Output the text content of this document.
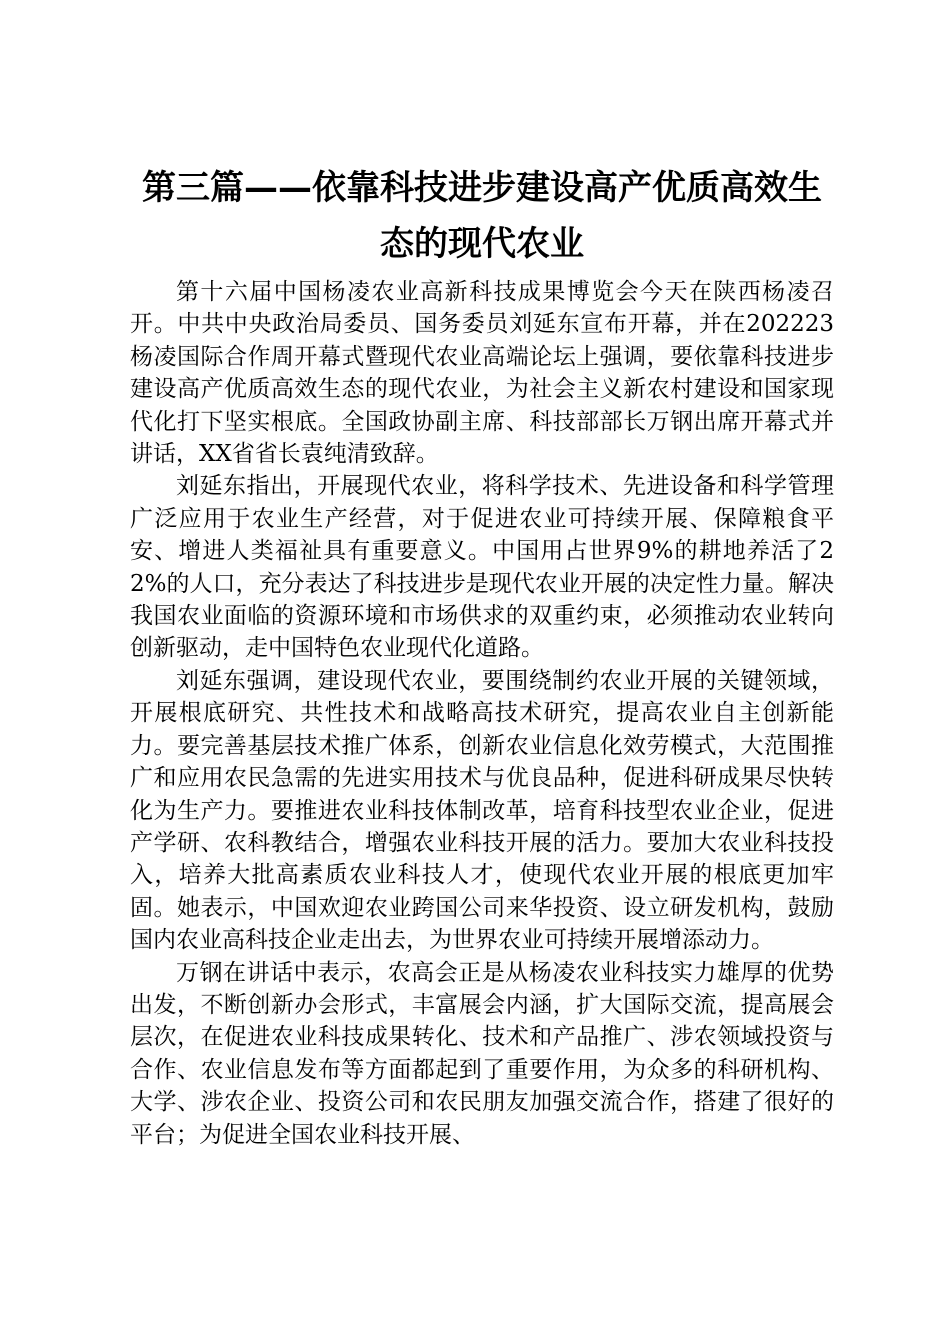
第三篇——依靠科技进步建设高产优质高效生
态的现代农业

第十六届中国杨凌农业高新科技成果博览会今天在陕西杨凌召开。中共中央政治局委员、国务委员刘延东宣布开幕，并在202223杨凌国际合作周开幕式暨现代农业高端论坛上强调，要依靠科技进步建设高产优质高效生态的现代农业，为社会主义新农村建设和国家现代化打下坚实根底。全国政协副主席、科技部部长万钢出席开幕式并讲话，XX省省长袁纯清致辞。

刘延东指出，开展现代农业，将科学技术、先进设备和科学管理广泛应用于农业生产经营，对于促进农业可持续开展、保障粮食平安、增进人类福祉具有重要意义。中国用占世界9%的耕地养活了22%的人口，充分表达了科技进步是现代农业开展的决定性力量。解决我国农业面临的资源环境和市场供求的双重约束，必须推动农业转向创新驱动，走中国特色农业现代化道路。

刘延东强调，建设现代农业，要围绕制约农业开展的关键领域，开展根底研究、共性技术和战略高技术研究，提高农业自主创新能力。要完善基层技术推广体系，创新农业信息化效劳模式，大范围推广和应用农民急需的先进实用技术与优良品种，促进科研成果尽快转化为生产力。要推进农业科技体制改革，培育科技型农业企业，促进产学研、农科教结合，增强农业科技开展的活力。要加大农业科技投入，培养大批高素质农业科技人才，使现代农业开展的根底更加牢固。她表示，中国欢迎农业跨国公司来华投资、设立研发机构，鼓励国内农业高科技企业走出去，为世界农业可持续开展增添动力。

万钢在讲话中表示，农高会正是从杨凌农业科技实力雄厚的优势出发，不断创新办会形式，丰富展会内涵，扩大国际交流，提高展会层次，在促进农业科技成果转化、技术和产品推广、涉农领域投资与合作、农业信息发布等方面都起到了重要作用，为众多的科研机构、大学、涉农企业、投资公司和农民朋友加强交流合作，搭建了很好的平台；为促进全国农业科技开展、
